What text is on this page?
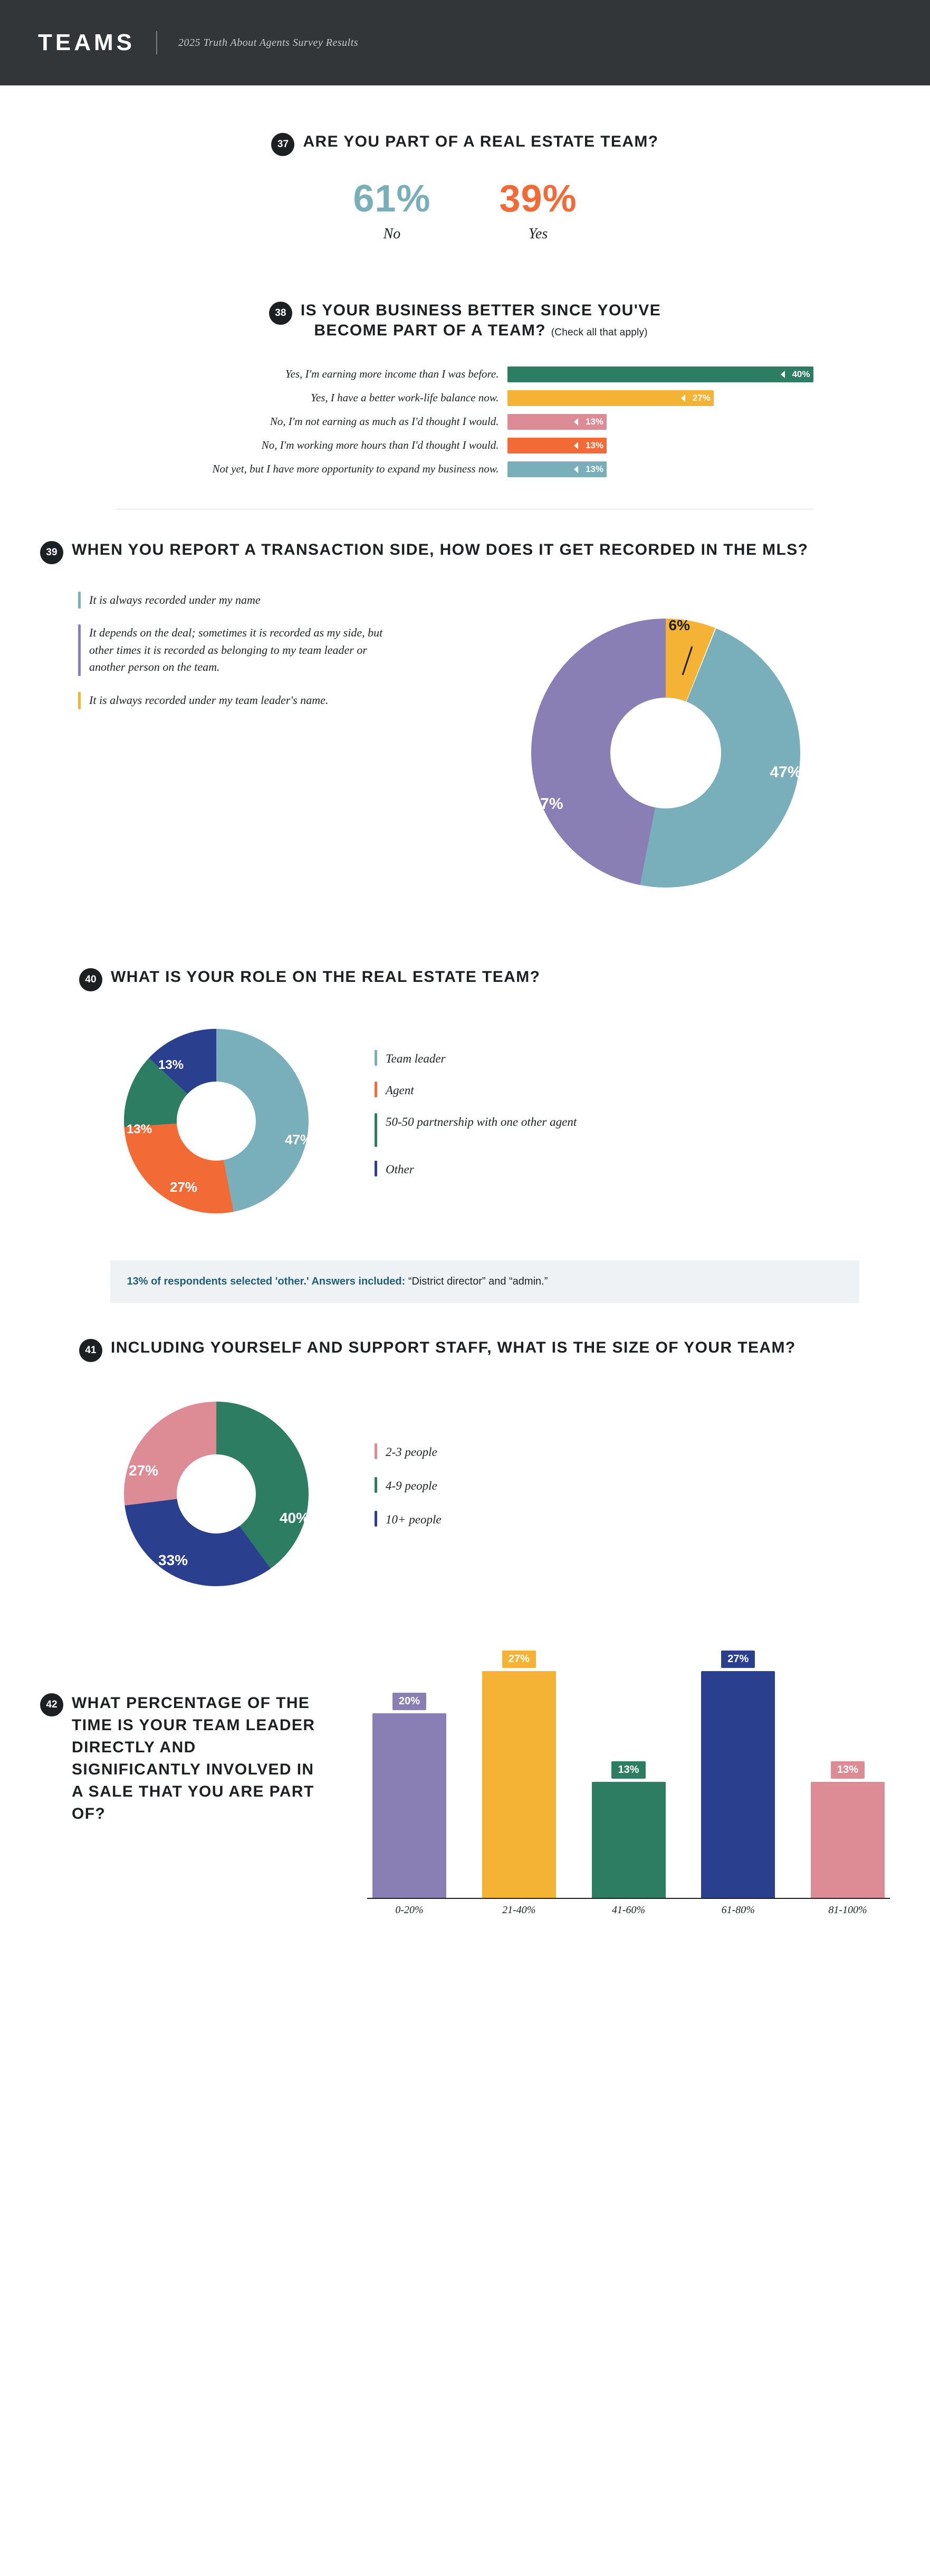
TEAMS	2025 Truth About Agents Survey Results
37 ARE YOU PART OF A REAL ESTATE TEAM?
61%
No
39%
Yes
38 IS YOUR BUSINESS BETTER SINCE YOU'VE
BECOME PART OF A TEAM? (Check all that apply)
Yes, I'm earning more income than I was before.	40%
Yes, I have a better work-life balance now.	27%
No, I'm not earning as much as I'd thought I would.	13%
No, I'm working more hours than I'd thought I would.	13%
Not yet, but I have more opportunity to expand my business now.	13%
39 WHEN YOU REPORT A TRANSACTION SIDE, HOW DOES IT GET RECORDED IN THE MLS?
It is always recorded under my name
It depends on the deal; sometimes it is recorded as my side, but other times it is recorded as belonging to my team leader or another person on the team.
It is always recorded under my team leader's name.
47%
47%
6%
40 WHAT IS YOUR ROLE ON THE REAL ESTATE TEAM?
47%
27%
13%
13%	Team leader
Agent
50-50 partnership with one other agent
Other
13% of respondents selected 'other.' Answers included: “District director” and “admin.”
41 INCLUDING YOURSELF AND SUPPORT STAFF, WHAT IS THE SIZE OF YOUR TEAM?
40%
33%
27%
2-3 people
4-9 people
10+ people
42 WHAT PERCENTAGE OF THE TIME IS YOUR TEAM LEADER DIRECTLY AND SIGNIFICANTLY INVOLVED IN A SALE THAT YOU ARE PART OF?
20%
27%
13%
27%
13%
0-20%	21-40%	41-60%	61-80%	81-100%
